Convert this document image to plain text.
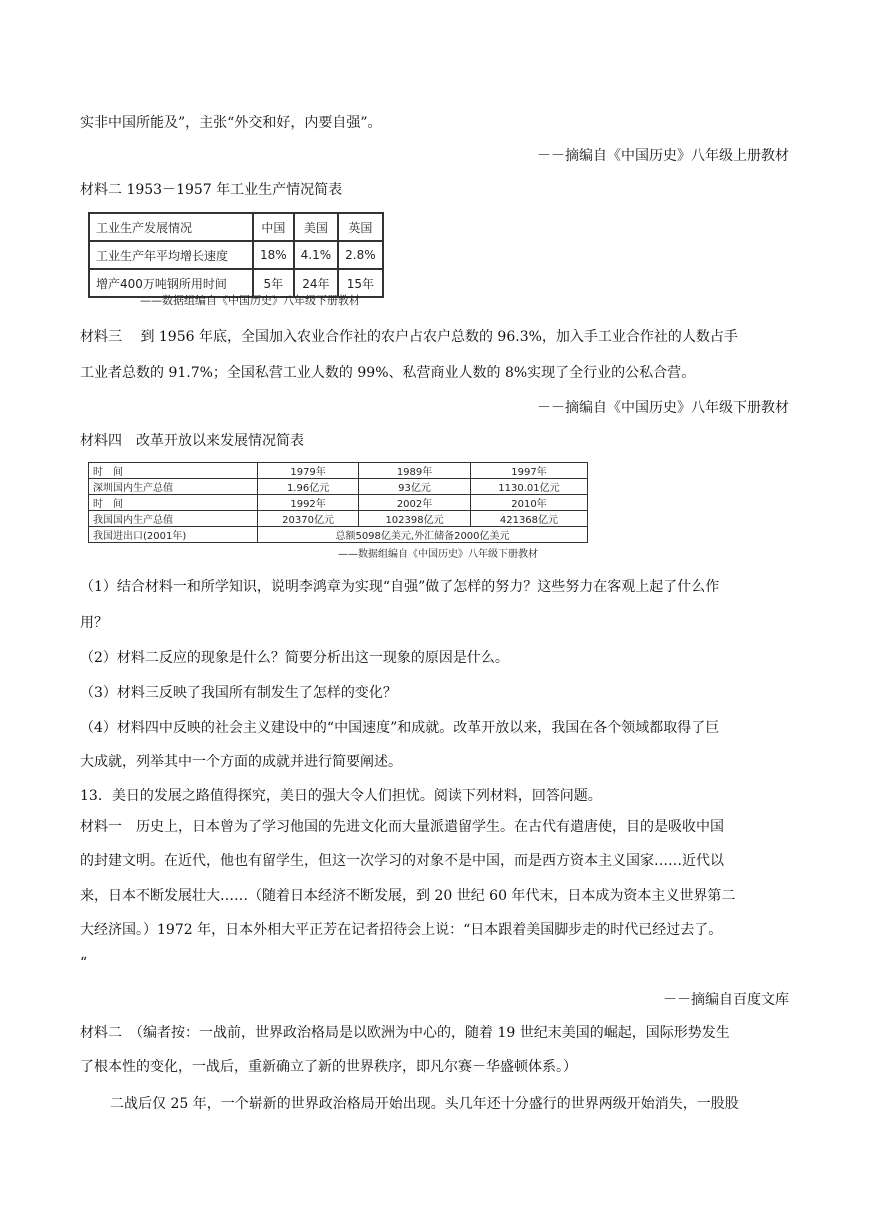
实非中国所能及”，主张“外交和好，内要自强”。
－－摘编自《中国历史》八年级上册教材
材料二 1953－1957 年工业生产情况简表
工业生产发展情况	中国	美国	英国
工业生产年平均增长速度	18%	4.1%	2.8%
增产400万吨钢所用时间	5年	24年	15年
——数据组编自《中国历史》八年级下册教材
材料三　 到 1956 年底，全国加入农业合作社的农户占农户总数的 96.3%，加入手工业合作社的人数占手
工业者总数的 91.7%；全国私营工业人数的 99%、私营商业人数的 8%实现了全行业的公私合营。
－－摘编自《中国历史》八年级下册教材
材料四　改革开放以来发展情况简表
时　间	1979年	1989年	1997年
深圳国内生产总值	1.96亿元	93亿元	1130.01亿元
时　间	1992年	2002年	2010年
我国国内生产总值	20370亿元	102398亿元	421368亿元
我国进出口(2001年)	总额5098亿美元,外汇储备2000亿美元		
——数据组编自《中国历史》八年级下册教材
（1）结合材料一和所学知识，说明李鸿章为实现“自强”做了怎样的努力？这些努力在客观上起了什么作
用？
（2）材料二反应的现象是什么？简要分析出这一现象的原因是什么。
（3）材料三反映了我国所有制发生了怎样的变化？
（4）材料四中反映的社会主义建设中的“中国速度”和成就。改革开放以来，我国在各个领域都取得了巨
大成就，列举其中一个方面的成就并进行简要阐述。
13．美日的发展之路值得探究，美日的强大令人们担忧。阅读下列材料，回答问题。
材料一　历史上，日本曾为了学习他国的先进文化而大量派遣留学生。在古代有遣唐使，目的是吸收中国
的封建文明。在近代，他也有留学生，但这一次学习的对象不是中国，而是西方资本主义国家……近代以
来，日本不断发展壮大……（随着日本经济不断发展，到 20 世纪 60 年代末，日本成为资本主义世界第二
大经济国。）1972 年，日本外相大平正芳在记者招待会上说：“日本跟着美国脚步走的时代已经过去了。
“
－－摘编自百度文库
材料二　（编者按：一战前，世界政治格局是以欧洲为中心的，随着 19 世纪末美国的崛起，国际形势发生
了根本性的变化，一战后，重新确立了新的世界秩序，即凡尔赛－华盛顿体系。）
二战后仅 25 年，一个崭新的世界政治格局开始出现。头几年还十分盛行的世界两级开始消失，一股股
